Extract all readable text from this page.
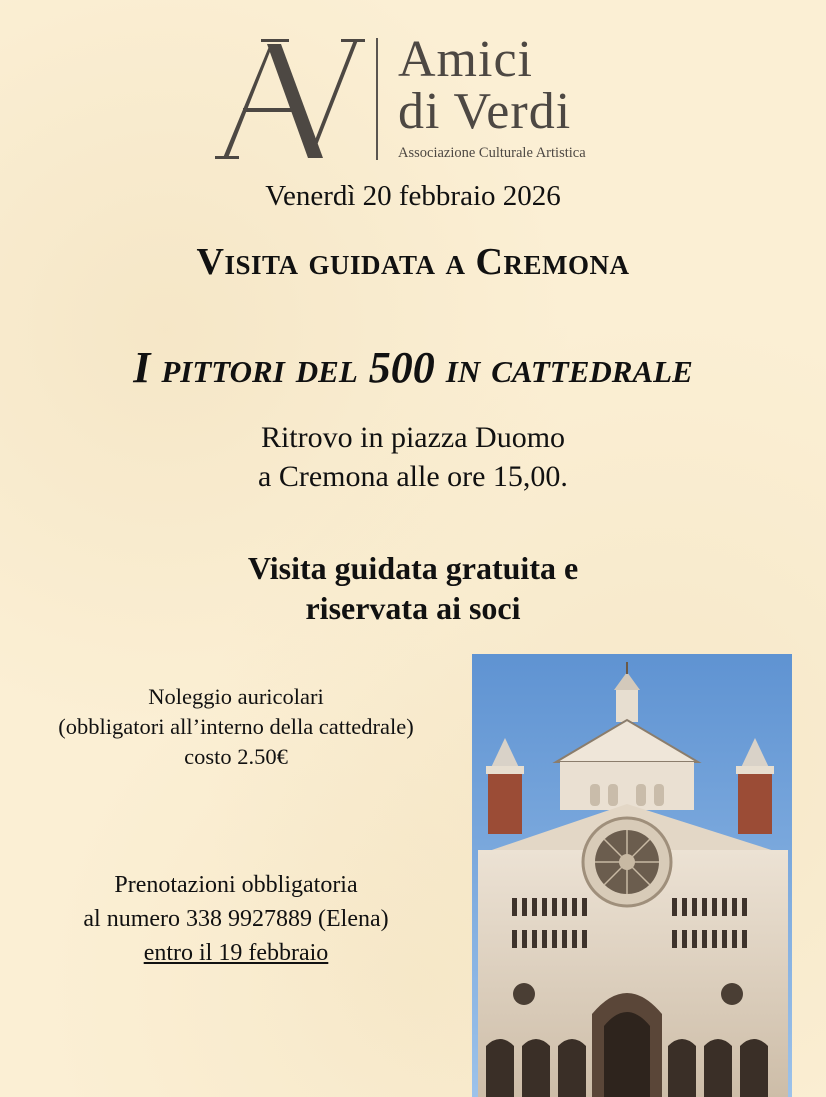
Amici
di Verdi
Associazione Culturale Artistica
Venerdì 20 febbraio 2026
Visita guidata a Cremona
I pittori del 500 in cattedrale
Ritrovo in piazza Duomo
a Cremona alle ore 15,00.
Visita guidata gratuita e
riservata ai soci
Noleggio auricolari
(obbligatori all’interno della cattedrale)
costo 2.50€
Prenotazioni obbligatoria
al numero 338 9927889 (Elena)
entro il 19 febbraio
